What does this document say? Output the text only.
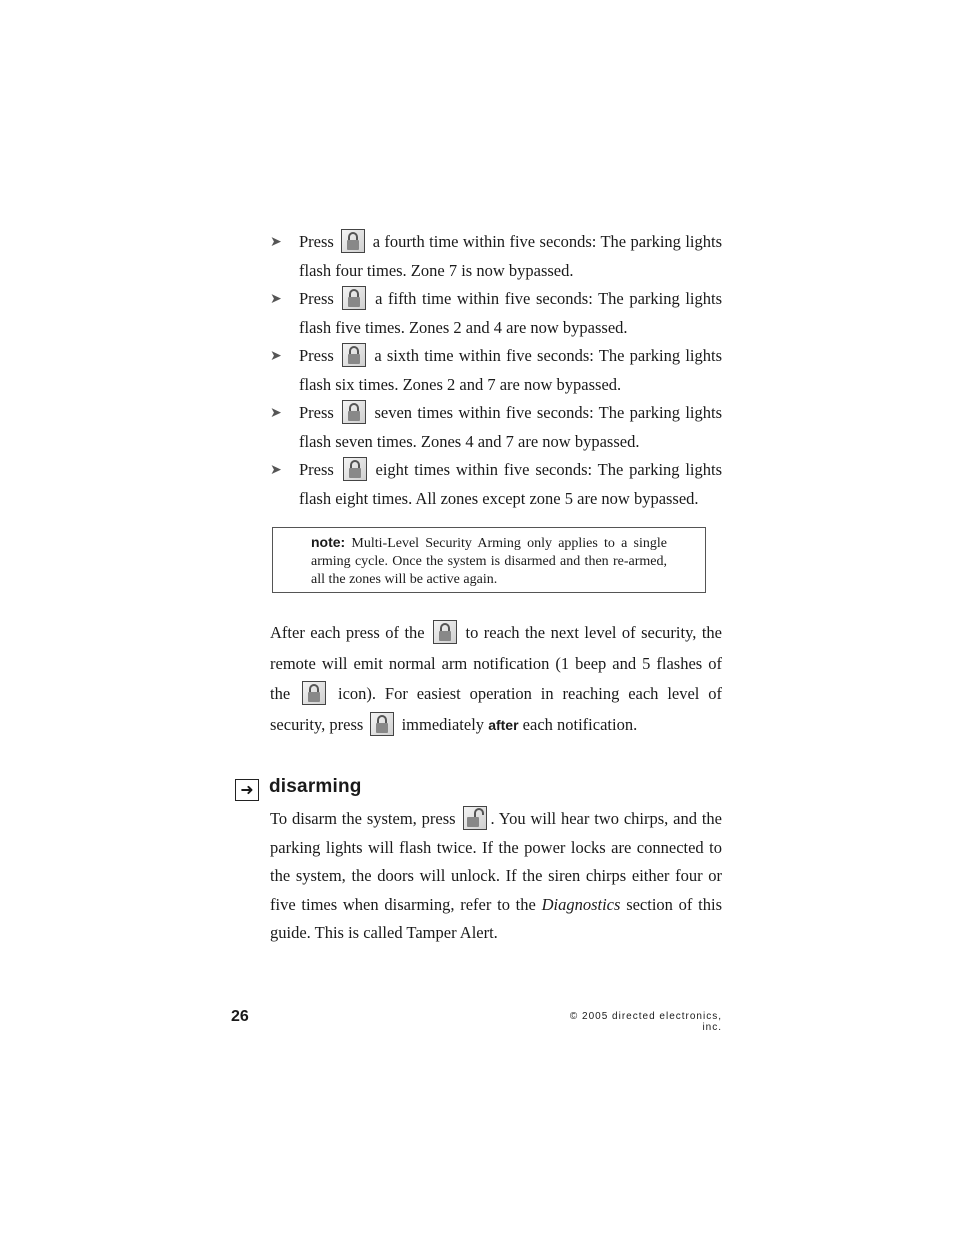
➤ Press a fourth time within five seconds: The parking lights flash four times. Zone 7 is now bypassed.
➤ Press a fifth time within five seconds: The parking lights flash five times. Zones 2 and 4 are now bypassed.
➤ Press a sixth time within five seconds: The parking lights flash six times. Zones 2 and 7 are now bypassed.
➤ Press seven times within five seconds: The parking lights flash seven times. Zones 4 and 7 are now bypassed.
➤ Press	eight times within five seconds: The parking lights flash eight times. All zones except zone 5 are now bypassed.
note: Multi-Level Security Arming only applies to a single arming cycle. Once the system is disarmed and then re-armed, all the zones will be active again.
After each press of the to reach the next level of security, the remote will emit normal arm notification (1 beep and 5 flashes of the	icon). For easiest operation in reaching each level of security, press immediately after each notification.
➜ disarming
To disarm the system, press . You will hear two chirps, and the parking lights will flash twice. If the power locks are connected to the system, the doors will unlock. If the siren chirps either four or five times when disarming, refer to the Diagnostics section of this guide. This is called Tamper Alert.
26	© 2005 directed electronics, inc.
